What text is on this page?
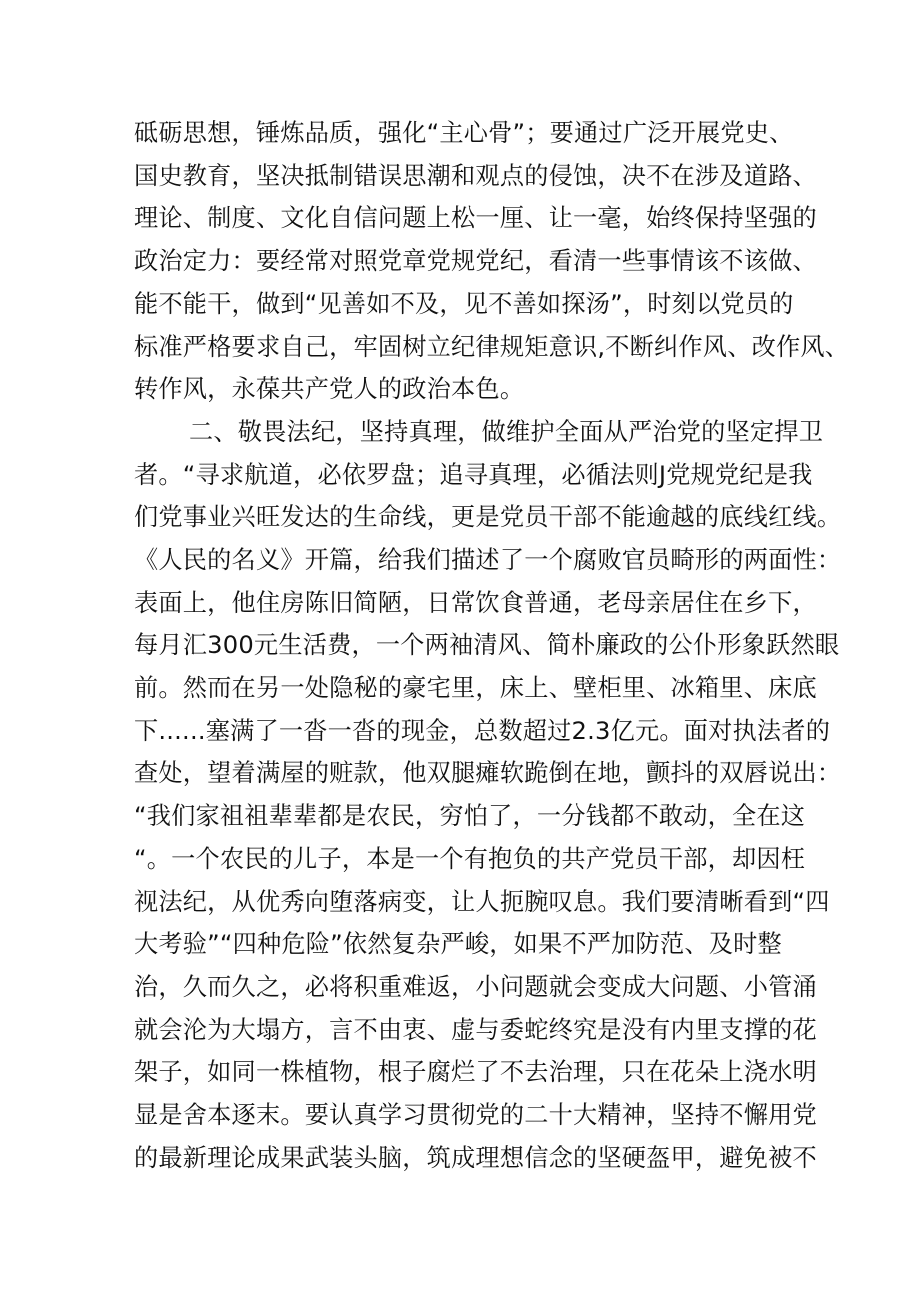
砥砺思想，锤炼品质，强化“主心骨”；要通过广泛开展党史、
国史教育，坚决抵制错误思潮和观点的侵蚀，决不在涉及道路、
理论、制度、文化自信问题上松一厘、让一毫，始终保持坚强的
政治定力：要经常对照党章党规党纪，看清一些事情该不该做、
能不能干，做到“见善如不及，见不善如探汤”，时刻以党员的
标准严格要求自己，牢固树立纪律规矩意识,不断纠作风、改作风、
转作风，永葆共产党人的政治本色。
二、敬畏法纪，坚持真理，做维护全面从严治党的坚定捍卫
者。“寻求航道，必依罗盘；追寻真理，必循法则J党规党纪是我
们党事业兴旺发达的生命线，更是党员干部不能逾越的底线红线。
《人民的名义》开篇，给我们描述了一个腐败官员畸形的两面性：
表面上，他住房陈旧简陋，日常饮食普通，老母亲居住在乡下，
每月汇300元生活费，一个两袖清风、简朴廉政的公仆形象跃然眼
前。然而在另一处隐秘的豪宅里，床上、壁柜里、冰箱里、床底
下......塞满了一沓一沓的现金，总数超过2.3亿元。面对执法者的
查处，望着满屋的赃款，他双腿瘫软跪倒在地，颤抖的双唇说出：
“我们家祖祖辈辈都是农民，穷怕了，一分钱都不敢动，全在这
“。一个农民的儿子，本是一个有抱负的共产党员干部，却因枉
视法纪，从优秀向堕落病变，让人扼腕叹息。我们要清晰看到“四
大考验”“四种危险”依然复杂严峻，如果不严加防范、及时整
治，久而久之，必将积重难返，小问题就会变成大问题、小管涌
就会沦为大塌方，言不由衷、虚与委蛇终究是没有内里支撑的花
架子，如同一株植物，根子腐烂了不去治理，只在花朵上浇水明
显是舍本逐末。要认真学习贯彻党的二十大精神，坚持不懈用党
的最新理论成果武装头脑，筑成理想信念的坚硬盔甲，避免被不
